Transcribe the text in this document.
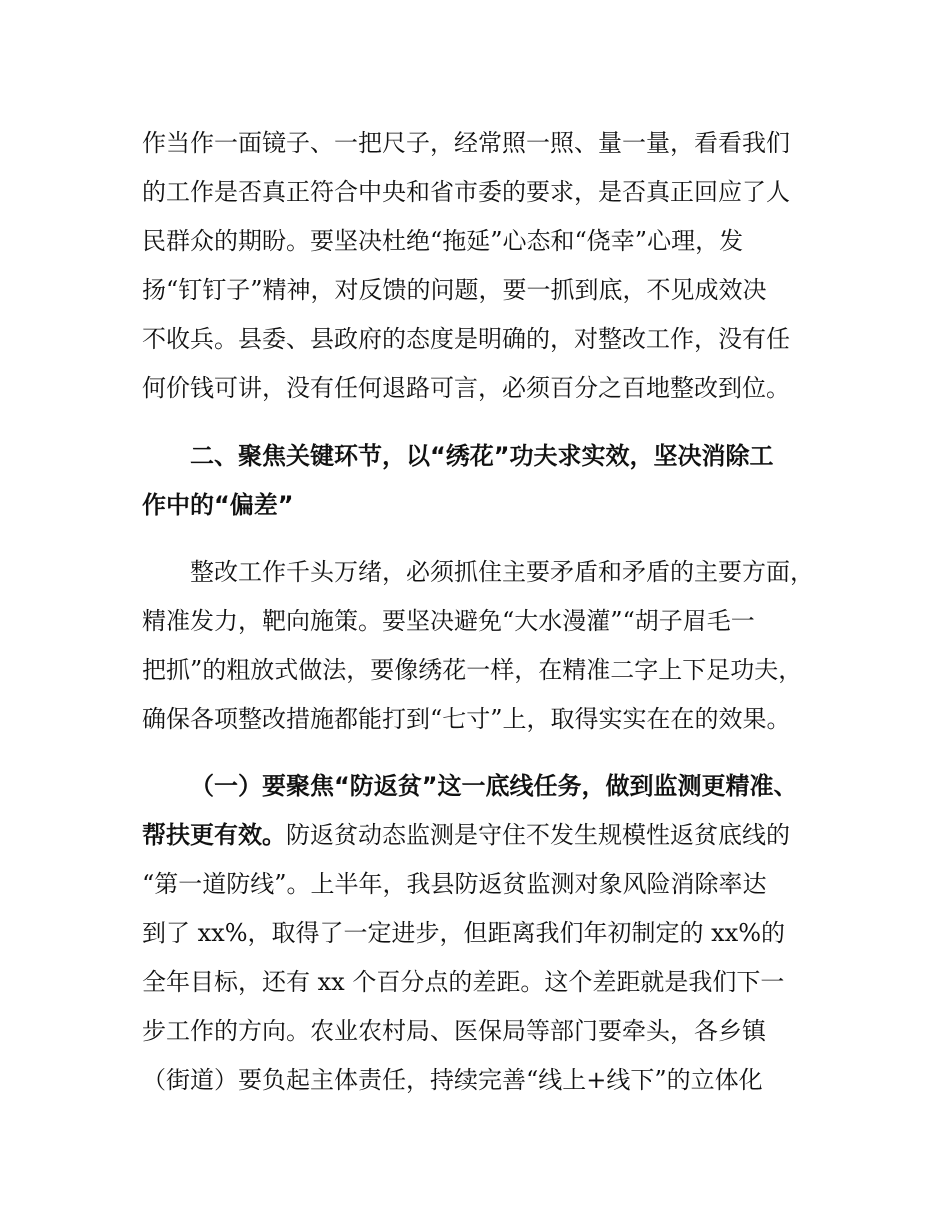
作当作一面镜子、一把尺子，经常照一照、量一量，看看我们
的工作是否真正符合中央和省市委的要求，是否真正回应了人
民群众的期盼。要坚决杜绝“拖延”心态和“侥幸”心理，发
扬“钉钉子”精神，对反馈的问题，要一抓到底，不见成效决
不收兵。县委、县政府的态度是明确的，对整改工作，没有任
何价钱可讲，没有任何退路可言，必须百分之百地整改到位。
二、聚焦关键环节，以“绣花”功夫求实效，坚决消除工
作中的“偏差”
整改工作千头万绪，必须抓住主要矛盾和矛盾的主要方面，
精准发力，靶向施策。要坚决避免“大水漫灌”“胡子眉毛一
把抓”的粗放式做法，要像绣花一样，在精准二字上下足功夫，
确保各项整改措施都能打到“七寸”上，取得实实在在的效果。
（一）要聚焦“防返贫”这一底线任务，做到监测更精准、
帮扶更有效。防返贫动态监测是守住不发生规模性返贫底线的
“第一道防线”。上半年，我县防返贫监测对象风险消除率达
到了 xx%，取得了一定进步，但距离我们年初制定的 xx%的
全年目标，还有 xx 个百分点的差距。这个差距就是我们下一
步工作的方向。农业农村局、医保局等部门要牵头，各乡镇
（街道）要负起主体责任，持续完善“线上+线下”的立体化
